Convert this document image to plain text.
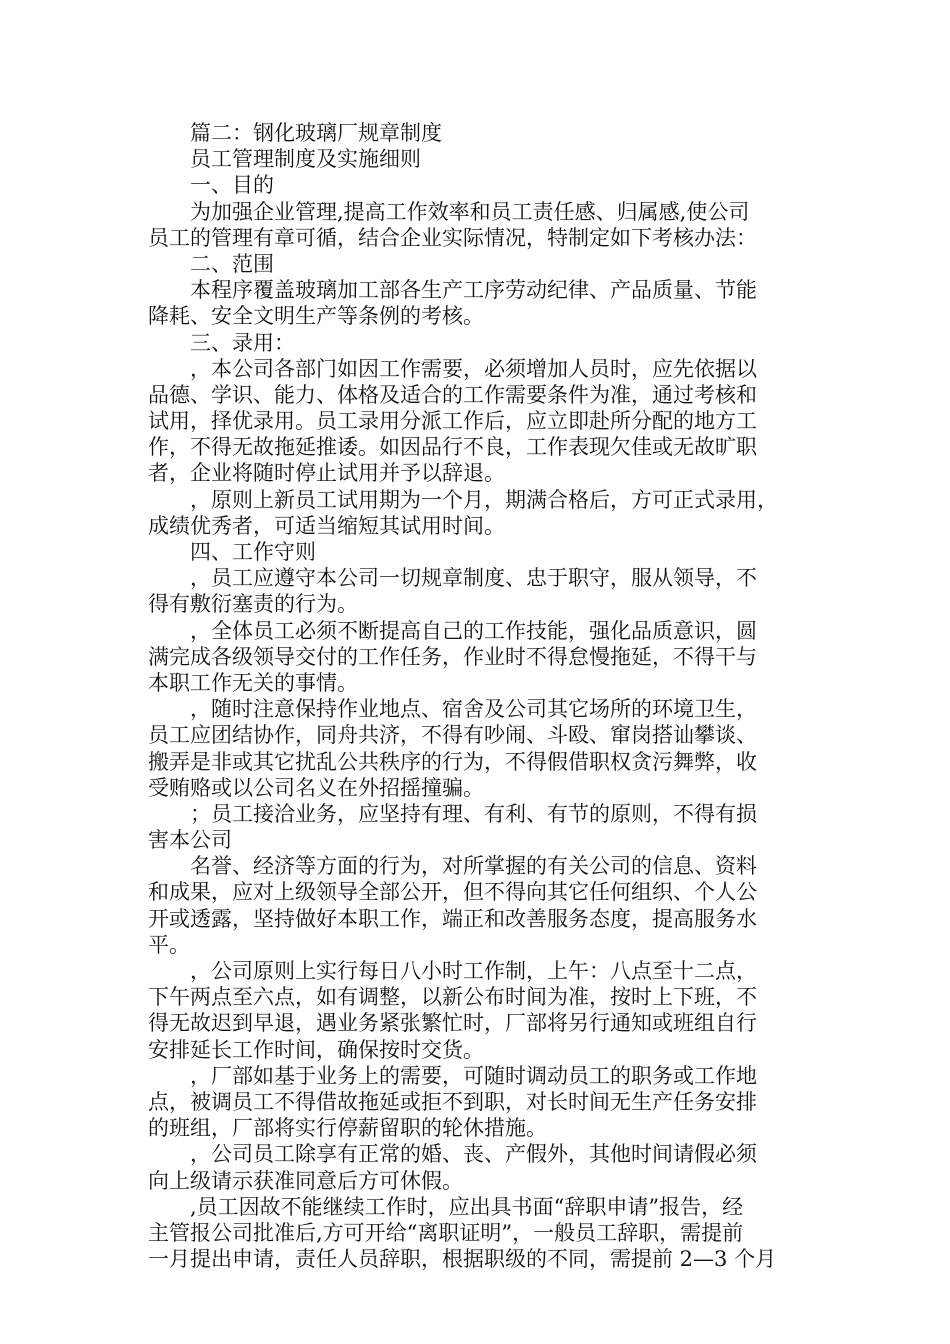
篇二：钢化玻璃厂规章制度
员工管理制度及实施细则
一、目的
为加强企业管理,提高工作效率和员工责任感、归属感,使公司
员工的管理有章可循，结合企业实际情况，特制定如下考核办法：
二、范围
本程序覆盖玻璃加工部各生产工序劳动纪律、产品质量、节能
降耗、安全文明生产等条例的考核。
三、录用：
，本公司各部门如因工作需要，必须增加人员时，应先依据以
品德、学识、能力、体格及适合的工作需要条件为准，通过考核和
试用，择优录用。员工录用分派工作后，应立即赴所分配的地方工
作，不得无故拖延推诿。如因品行不良，工作表现欠佳或无故旷职
者，企业将随时停止试用并予以辞退。
，原则上新员工试用期为一个月，期满合格后，方可正式录用，
成绩优秀者，可适当缩短其试用时间。
四、工作守则
，员工应遵守本公司一切规章制度、忠于职守，服从领导，不
得有敷衍塞责的行为。
，全体员工必须不断提高自己的工作技能，强化品质意识，圆
满完成各级领导交付的工作任务，作业时不得怠慢拖延，不得干与
本职工作无关的事情。
，随时注意保持作业地点、宿舍及公司其它场所的环境卫生，
员工应团结协作，同舟共济，不得有吵闹、斗殴、窜岗搭讪攀谈、
搬弄是非或其它扰乱公共秩序的行为，不得假借职权贪污舞弊，收
受贿赂或以公司名义在外招摇撞骗。
；员工接洽业务，应坚持有理、有利、有节的原则，不得有损
害本公司
名誉、经济等方面的行为，对所掌握的有关公司的信息、资料
和成果，应对上级领导全部公开，但不得向其它任何组织、个人公
开或透露，坚持做好本职工作，端正和改善服务态度，提高服务水
平。
，公司原则上实行每日八小时工作制，上午：八点至十二点，
下午两点至六点，如有调整，以新公布时间为准，按时上下班，不
得无故迟到早退，遇业务紧张繁忙时，厂部将另行通知或班组自行
安排延长工作时间，确保按时交货。
，厂部如基于业务上的需要，可随时调动员工的职务或工作地
点，被调员工不得借故拖延或拒不到职，对长时间无生产任务安排
的班组，厂部将实行停薪留职的轮休措施。
，公司员工除享有正常的婚、丧、产假外，其他时间请假必须
向上级请示获准同意后方可休假。
,员工因故不能继续工作时，应出具书面“辞职申请”报告，经
主管报公司批准后,方可开给“离职证明”，一般员工辞职，需提前
一月提出申请，责任人员辞职，根据职级的不同，需提前 2—3 个月
